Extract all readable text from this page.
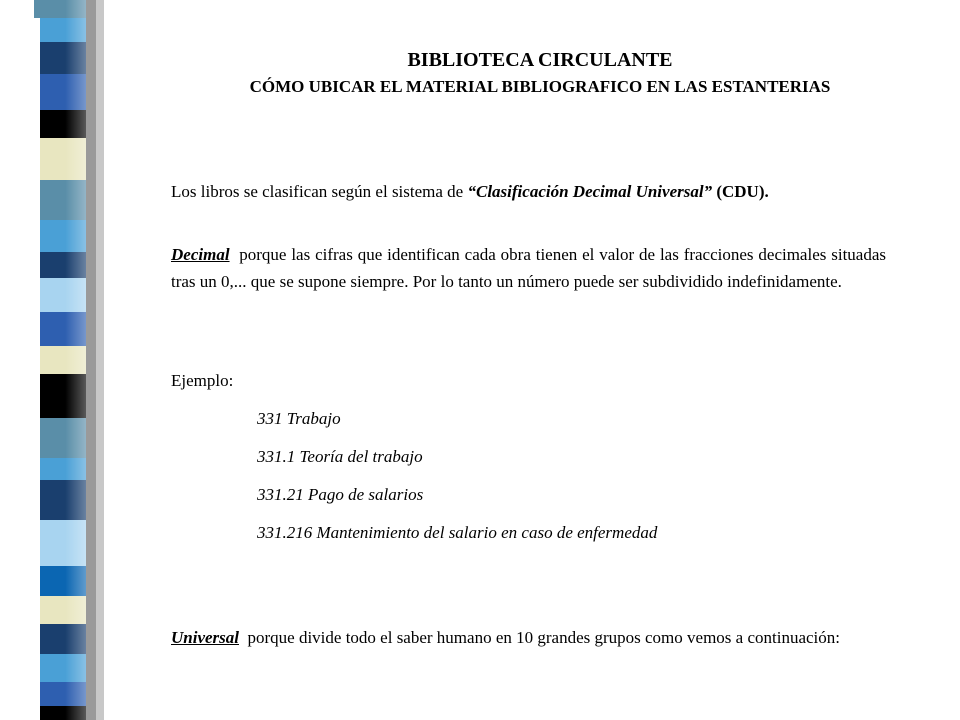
BIBLIOTECA CIRCULANTE
CÓMO UBICAR EL MATERIAL BIBLIOGRAFICO EN LAS ESTANTERIAS

Los libros se clasifican según el sistema de “Clasificación Decimal Universal” (CDU).

Decimal  porque las cifras que identifican cada obra tienen el valor de las fracciones decimales situadas tras un 0,... que se supone siempre. Por lo tanto un número puede ser subdividido indefinidamente.

Ejemplo:

331 Trabajo
331.1 Teoría del trabajo
331.21 Pago de salarios
331.216 Mantenimiento del salario en caso de enfermedad

Universal  porque divide todo el saber humano en 10 grandes grupos como vemos a continuación:
